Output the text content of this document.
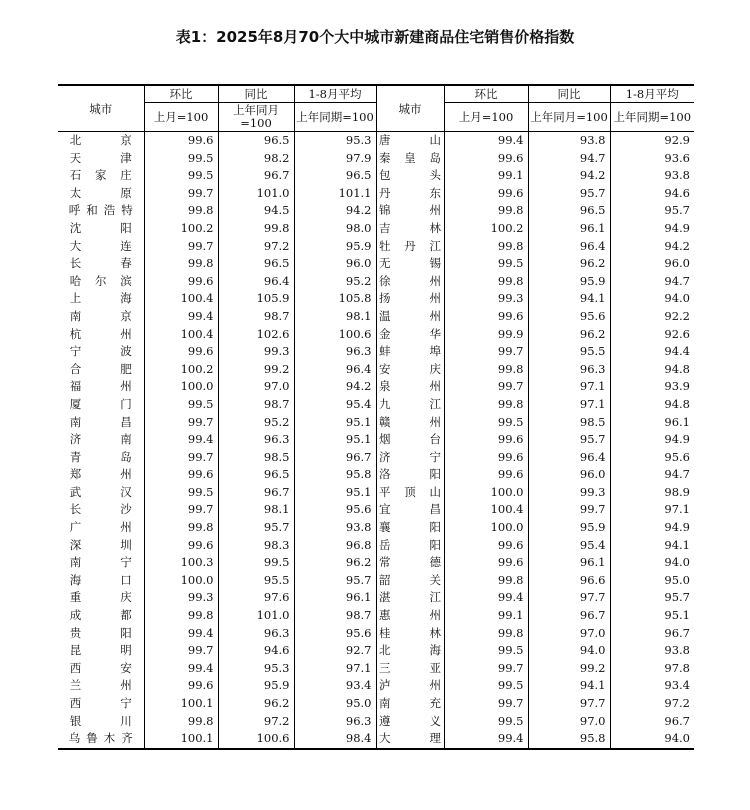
表1：2025年8月70个大中城市新建商品住宅销售价格指数
城市	环比	同比	1-8月平均	城市	环比	同比	1-8月平均
	上月=100	上年同月=100	上年同期=100		上月=100	上年同月=100	上年同期=100

北 京	99.6	96.5	95.3	唐 山	99.4	93.8	92.9

天 津	99.5	98.2	97.9	秦 皇 岛	99.6	94.7	93.6

石 家 庄	99.5	96.7	96.5	包 头	99.1	94.2	93.8

太 原	99.7	101.0	101.1	丹 东	99.6	95.7	94.6

呼 和 浩 特	99.8	94.5	94.2	锦 州	99.8	96.5	95.7

沈 阳	100.2	99.8	98.0	吉 林	100.2	96.1	94.9

大 连	99.7	97.2	95.9	牡 丹 江	99.8	96.4	94.2

长 春	99.8	96.5	96.0	无 锡	99.5	96.2	96.0

哈 尔 滨	99.6	96.4	95.2	徐 州	99.8	95.9	94.7

上 海	100.4	105.9	105.8	扬 州	99.3	94.1	94.0

南 京	99.4	98.7	98.1	温 州	99.6	95.6	92.2

杭 州	100.4	102.6	100.6	金 华	99.9	96.2	92.6

宁 波	99.6	99.3	96.3	蚌 埠	99.7	95.5	94.4

合 肥	100.2	99.2	96.4	安 庆	99.8	96.3	94.8

福 州	100.0	97.0	94.2	泉 州	99.7	97.1	93.9

厦 门	99.5	98.7	95.4	九 江	99.8	97.1	94.8

南 昌	99.7	95.2	95.1	赣 州	99.5	98.5	96.1

济 南	99.4	96.3	95.1	烟 台	99.6	95.7	94.9

青 岛	99.7	98.5	96.7	济 宁	99.6	96.4	95.6

郑 州	99.6	96.5	95.8	洛 阳	99.6	96.0	94.7

武 汉	99.5	96.7	95.1	平 顶 山	100.0	99.3	98.9

长 沙	99.7	98.1	95.6	宜 昌	100.4	99.7	97.1

广 州	99.8	95.7	93.8	襄 阳	100.0	95.9	94.9

深 圳	99.6	98.3	96.8	岳 阳	99.6	95.4	94.1

南 宁	100.3	99.5	96.2	常 德	99.6	96.1	94.0

海 口	100.0	95.5	95.7	韶 关	99.8	96.6	95.0

重 庆	99.3	97.6	96.1	湛 江	99.4	97.7	95.7

成 都	99.8	101.0	98.7	惠 州	99.1	96.7	95.1

贵 阳	99.4	96.3	95.6	桂 林	99.8	97.0	96.7

昆 明	99.7	94.6	92.7	北 海	99.5	94.0	93.8

西 安	99.4	95.3	97.1	三 亚	99.7	99.2	97.8

兰 州	99.6	95.9	93.4	泸 州	99.5	94.1	93.4

西 宁	100.1	96.2	95.0	南 充	99.7	97.7	97.2

银 川	99.8	97.2	96.3	遵 义	99.5	97.0	96.7

乌 鲁 木 齐	100.1	100.6	98.4	大 理	99.4	95.8	94.0
